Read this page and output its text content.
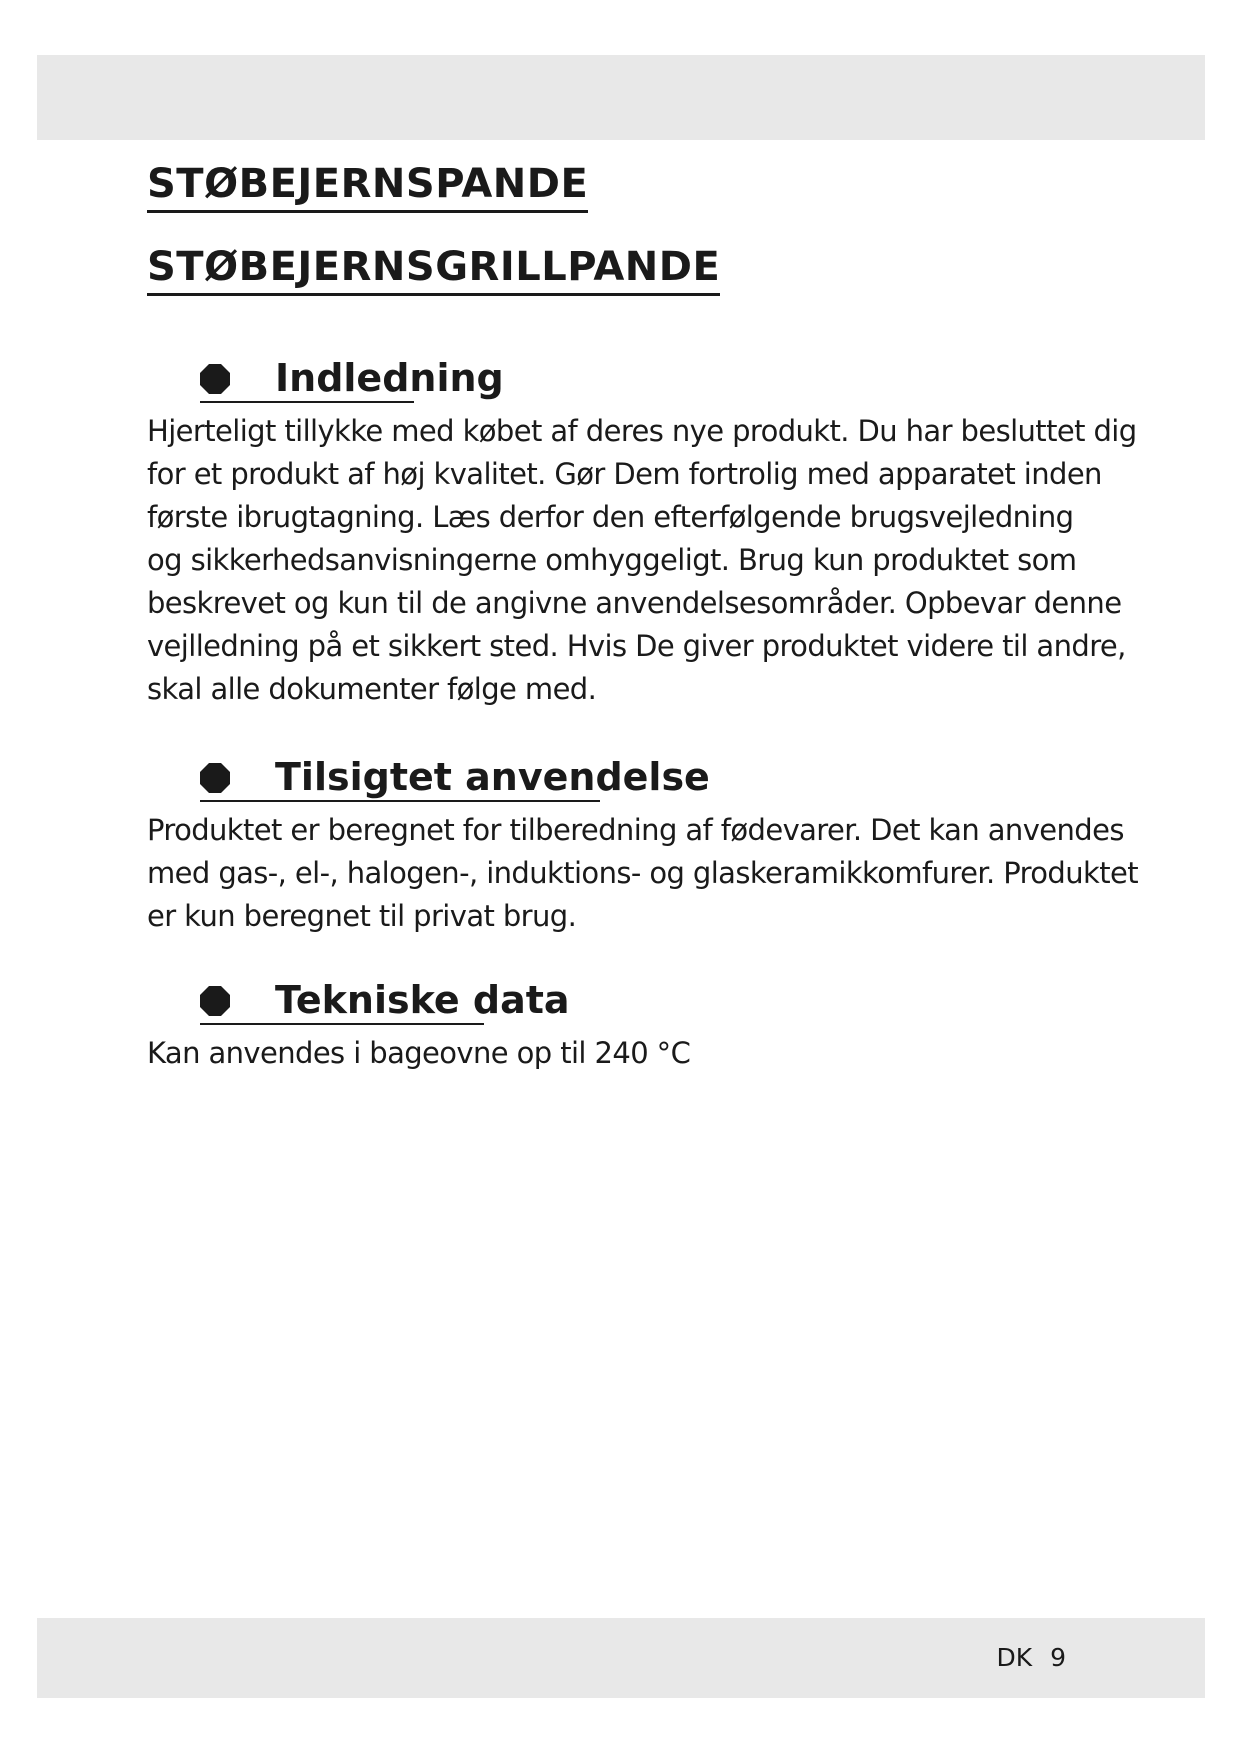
STØBEJERNSPANDE
STØBEJERNSGRILLPANDE
Indledning

Hjerteligt tillykke med købet af deres nye produkt. Du har besluttet dig
for et produkt af høj kvalitet. Gør Dem fortrolig med apparatet inden
første ibrugtagning. Læs derfor den efterfølgende brugsvejledning
og sikkerhedsanvisningerne omhyggeligt. Brug kun produktet som
beskrevet og kun til de angivne anvendelsesområder. Opbevar denne
vejlledning på et sikkert sted. Hvis De giver produktet videre til andre,
skal alle dokumenter følge med.

Tilsigtet anvendelse

Produktet er beregnet for tilberedning af fødevarer. Det kan anvendes
med gas-, el-, halogen-, induktions- og glaskeramikkomfurer. Produktet
er kun beregnet til privat brug.

Tekniske data

Kan anvendes i bageovne op til 240 °C

DK 9
